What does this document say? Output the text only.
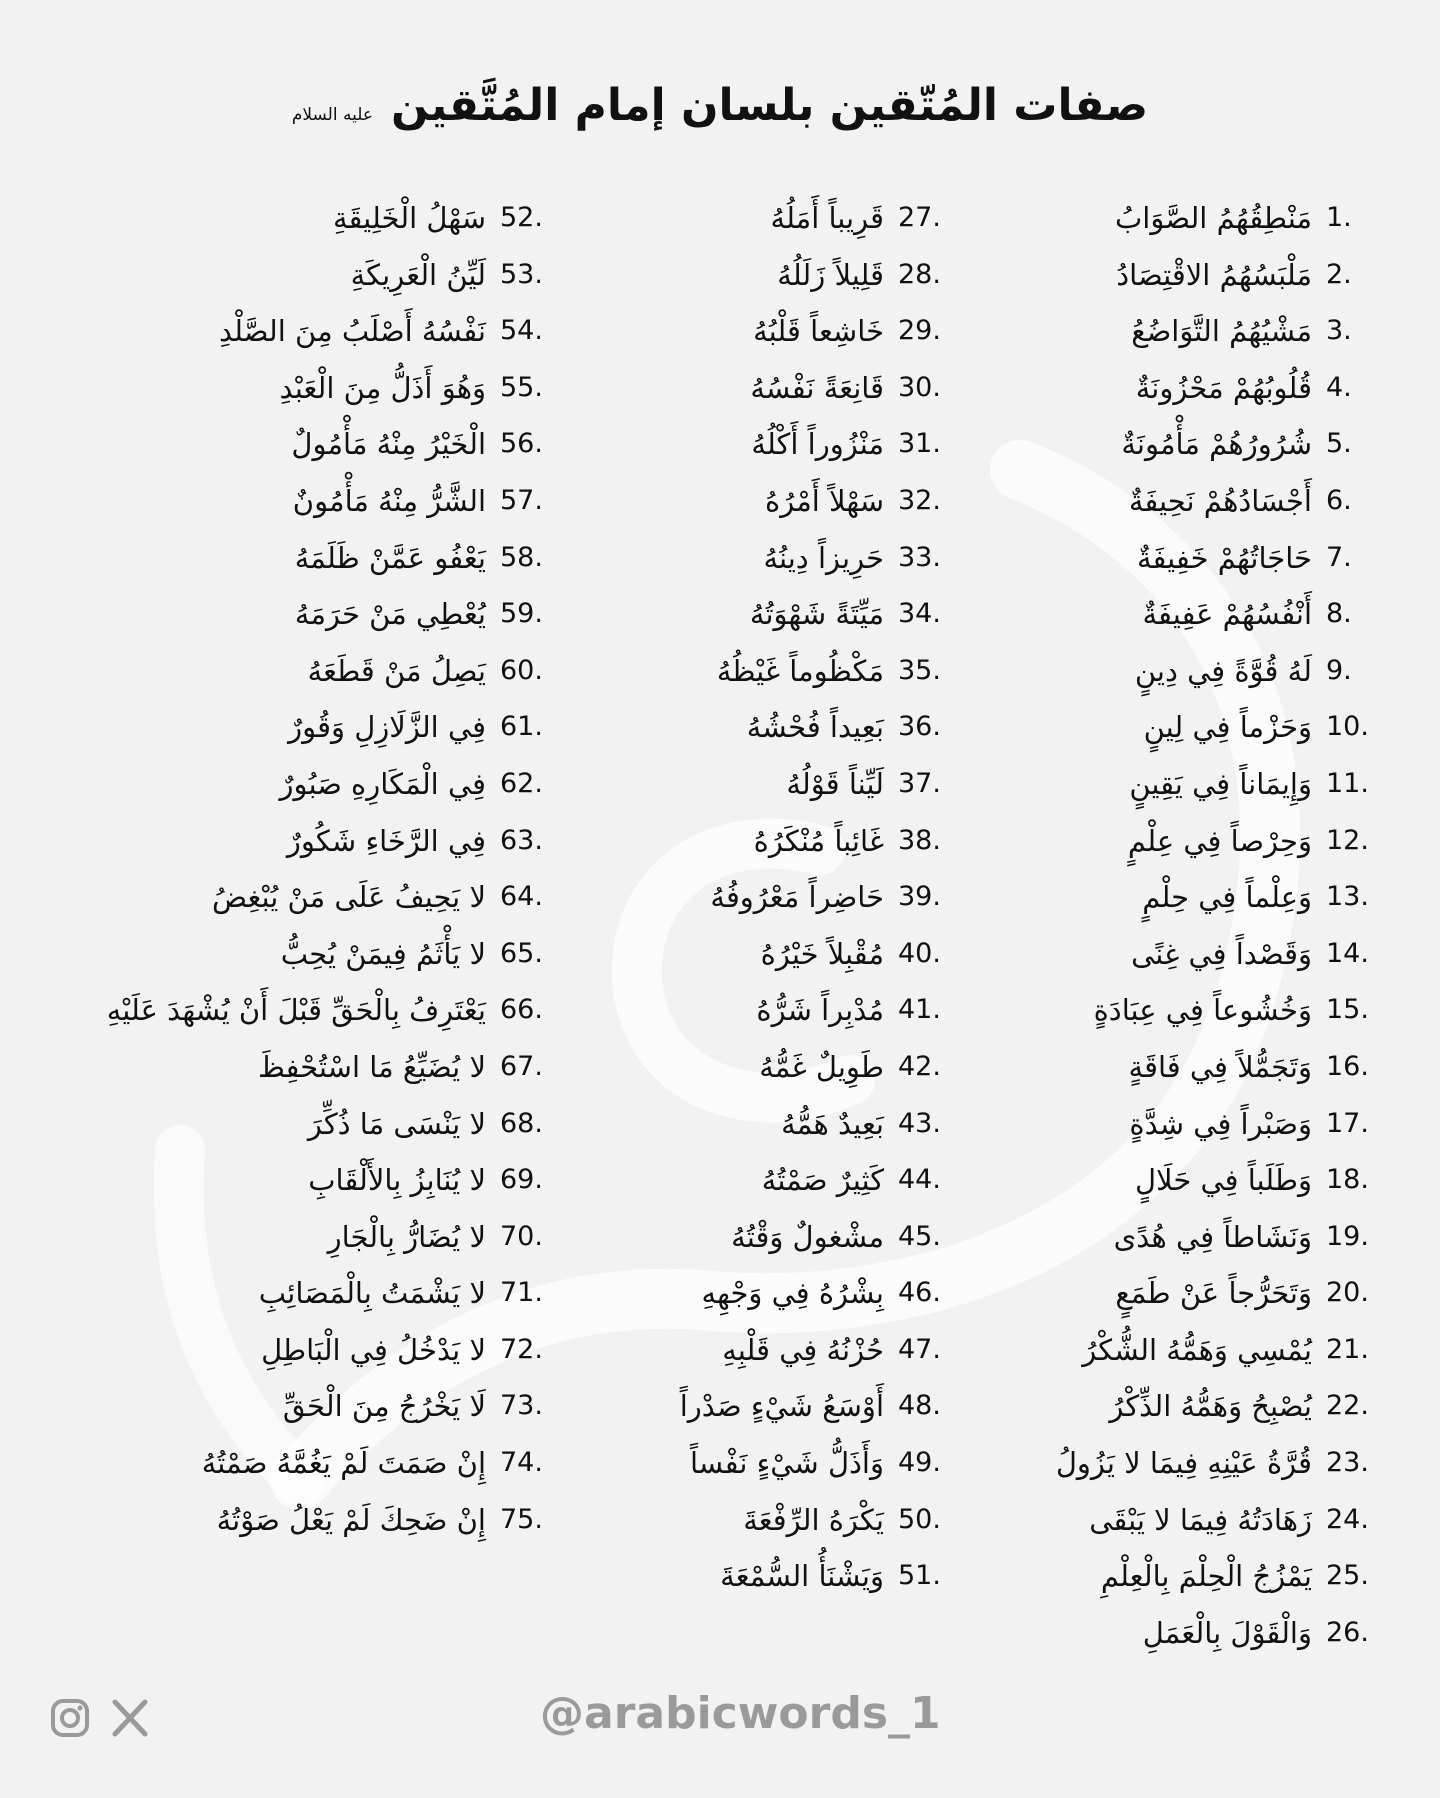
صفات المُتّقين بلسان إمام المُتَّقين
عليه السلام
1.
مَنْطِقُهُمُ الصَّوَابُ
2.
مَلْبَسُهُمُ الاقْتِصَادُ
3.
مَشْيُهُمُ التَّوَاضُعُ
4.
قُلُوبُهُمْ مَحْزُونَةٌ
5.
شُرُورُهُمْ مَأْمُونَةٌ
6.
أَجْسَادُهُمْ نَحِيفَةٌ
7.
حَاجَاتُهُمْ خَفِيفَةٌ
8.
أَنْفُسُهُمْ عَفِيفَةٌ
9.
لَهُ قُوَّةً فِي دِينٍ
10.
وَحَزْماً فِي لِينٍ
11.
وَإِيمَاناً فِي يَقِينٍ
12.
وَحِرْصاً فِي عِلْمٍ
13.
وَعِلْماً فِي حِلْمٍ
14.
وَقَصْداً فِي غِنًى
15.
وَخُشُوعاً فِي عِبَادَةٍ
16.
وَتَجَمُّلاً فِي فَاقَةٍ
17.
وَصَبْراً فِي شِدَّةٍ
18.
وَطَلَباً فِي حَلَالٍ
19.
وَنَشَاطاً فِي هُدًى
20.
وَتَحَرُّجاً عَنْ طَمَعٍ
21.
يُمْسِي وَهَمُّهُ الشُّكْرُ
22.
يُصْبِحُ وَهَمُّهُ الذِّكْرُ
23.
قُرَّةُ عَيْنِهِ فِيمَا لا يَزُولُ
24.
زَهَادَتُهُ فِيمَا لا يَبْقَى
25.
يَمْزُجُ الْحِلْمَ بِالْعِلْمِ
26.
وَالْقَوْلَ بِالْعَمَلِ
27.
قَرِيباً أَمَلُهُ
28.
قَلِيلاً زَلَلُهُ
29.
خَاشِعاً قَلْبُهُ
30.
قَانِعَةً نَفْسُهُ
31.
مَنْزُوراً أَكْلُهُ
32.
سَهْلاً أَمْرُهُ
33.
حَرِيزاً دِينُهُ
34.
مَيِّتَةً شَهْوَتُهُ
35.
مَكْظُوماً غَيْظُهُ
36.
بَعِيداً فُحْشُهُ
37.
لَيِّناً قَوْلُهُ
38.
غَائِباً مُنْكَرُهُ
39.
حَاضِراً مَعْرُوفُهُ
40.
مُقْبِلاً خَيْرُهُ
41.
مُدْبِراً شَرُّهُ
42.
طَوِيلٌ غَمُّهُ
43.
بَعِيدٌ هَمُّهُ
44.
كَثِيرٌ صَمْتُهُ
45.
مشْغولٌ وَقْتُهُ
46.
بِشْرُهُ فِي وَجْهِهِ
47.
حُزْنُهُ فِي قَلْبِهِ
48.
أَوْسَعُ شَيْءٍ صَدْراً
49.
وَأَذَلُّ شَيْءٍ نَفْساً
50.
يَكْرَهُ الرِّفْعَةَ
51.
وَيَشْنَأُ السُّمْعَةَ
52.
سَهْلُ الْخَلِيقَةِ
53.
لَيِّنُ الْعَرِيكَةِ
54.
نَفْسُهُ أَصْلَبُ مِنَ الصَّلْدِ
55.
وَهُوَ أَذَلُّ مِنَ الْعَبْدِ
56.
الْخَيْرُ مِنْهُ مَأْمُولٌ
57.
الشَّرُّ مِنْهُ مَأْمُونٌ
58.
يَعْفُو عَمَّنْ ظَلَمَهُ
59.
يُعْطِي مَنْ حَرَمَهُ
60.
يَصِلُ مَنْ قَطَعَهُ
61.
فِي الزَّلَازِلِ وَقُورٌ
62.
فِي الْمَكَارِهِ صَبُورٌ
63.
فِي الرَّخَاءِ شَكُورٌ
64.
لا يَحِيفُ عَلَى مَنْ يُبْغِضُ
65.
لا يَأْثَمُ فِيمَنْ يُحِبُّ
66.
يَعْتَرِفُ بِالْحَقِّ قَبْلَ أَنْ يُشْهَدَ عَلَيْهِ
67.
لا يُضَيِّعُ مَا اسْتُحْفِظَ
68.
لا يَنْسَى مَا ذُكِّرَ
69.
لا يُنَابِزُ بِالأَلْقَابِ
70.
لا يُضَارُّ بِالْجَارِ
71.
لا يَشْمَتُ بِالْمَصَائِبِ
72.
لا يَدْخُلُ فِي الْبَاطِلِ
73.
لَا يَخْرُجُ مِنَ الْحَقِّ
74.
إِنْ صَمَتَ لَمْ يَغُمَّهُ صَمْتُهُ
75.
إِنْ ضَحِكَ لَمْ يَعْلُ صَوْتُهُ
@arabicwords_1
